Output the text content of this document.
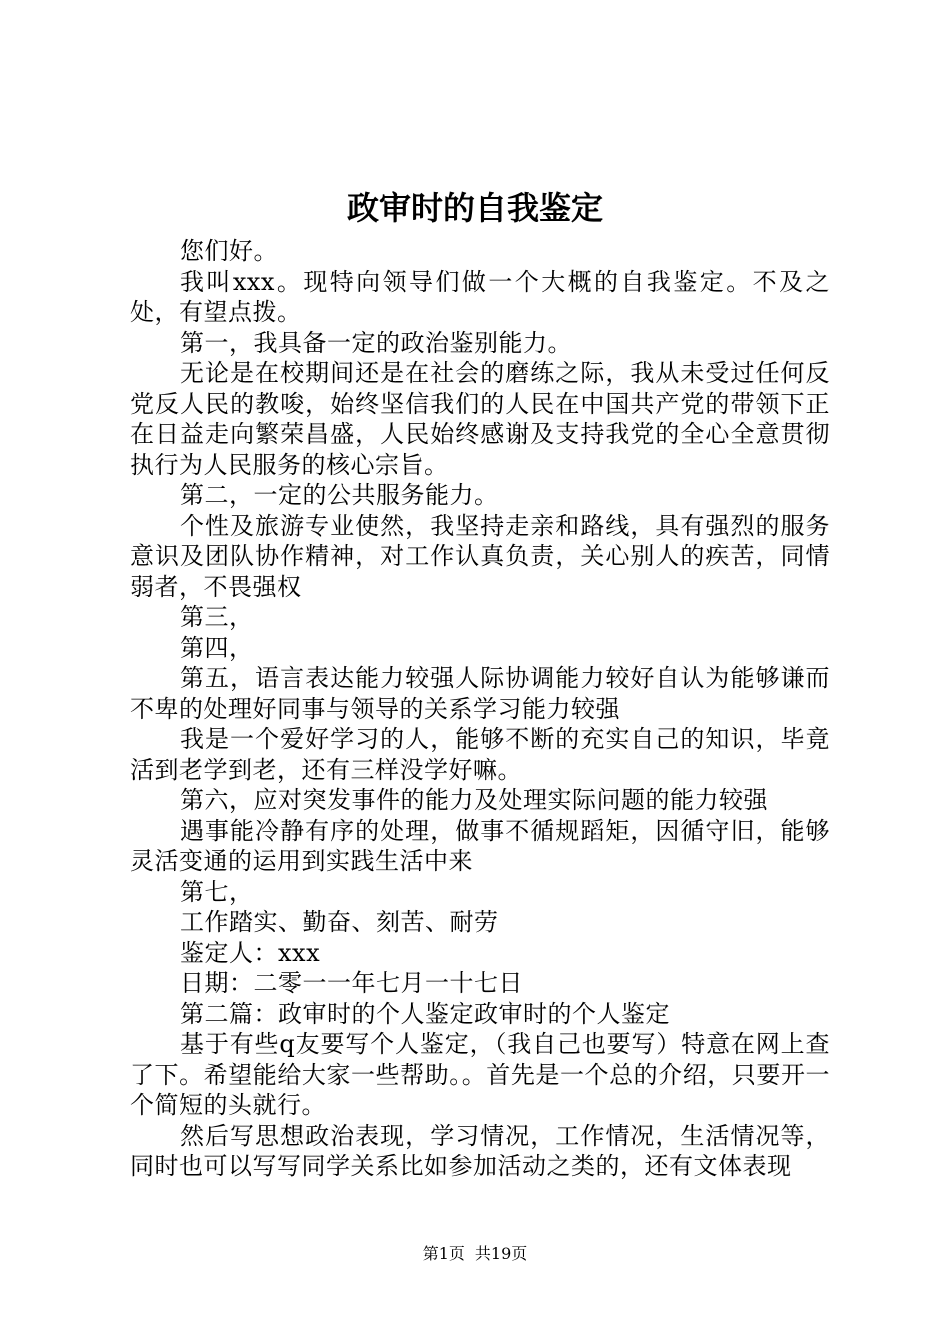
政审时的自我鉴定

您们好。

我叫xxx。现特向领导们做一个大概的自我鉴定。不及之处，有望点拨。

第一，我具备一定的政治鉴别能力。

无论是在校期间还是在社会的磨练之际，我从未受过任何反党反人民的教唆，始终坚信我们的人民在中国共产党的带领下正在日益走向繁荣昌盛，人民始终感谢及支持我党的全心全意贯彻执行为人民服务的核心宗旨。

第二，一定的公共服务能力。

个性及旅游专业使然，我坚持走亲和路线，具有强烈的服务意识及团队协作精神，对工作认真负责，关心别人的疾苦，同情弱者，不畏强权

第三，

第四，

第五，语言表达能力较强人际协调能力较好自认为能够谦而不卑的处理好同事与领导的关系学习能力较强

我是一个爱好学习的人，能够不断的充实自己的知识，毕竟活到老学到老，还有三样没学好嘛。

第六，应对突发事件的能力及处理实际问题的能力较强

遇事能冷静有序的处理，做事不循规蹈矩，因循守旧，能够灵活变通的运用到实践生活中来

第七，

工作踏实、勤奋、刻苦、耐劳

鉴定人：xxx

日期：二零一一年七月一十七日

第二篇：政审时的个人鉴定政审时的个人鉴定

基于有些q友要写个人鉴定，（我自己也要写）特意在网上查了下。希望能给大家一些帮助。。首先是一个总的介绍，只要开一个简短的头就行。

然后写思想政治表现，学习情况，工作情况，生活情况等，同时也可以写写同学关系比如参加活动之类的，还有文体表现

第1页 共19页
